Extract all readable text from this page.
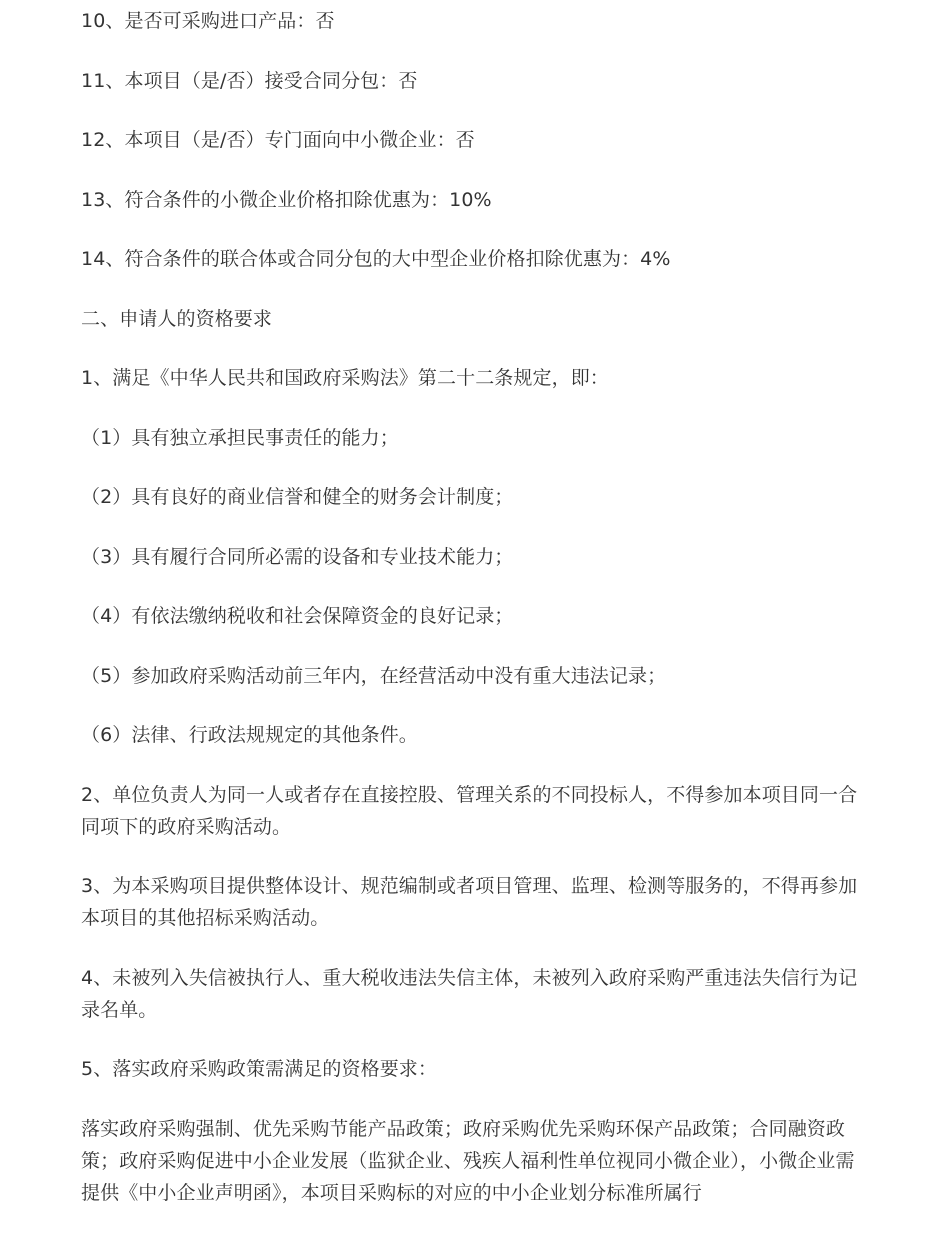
10、是否可采购进口产品：否

11、本项目（是/否）接受合同分包：否

12、本项目（是/否）专门面向中小微企业：否

13、符合条件的小微企业价格扣除优惠为：10%

14、符合条件的联合体或合同分包的大中型企业价格扣除优惠为：4%

二、申请人的资格要求

1、满足《中华人民共和国政府采购法》第二十二条规定，即：

（1）具有独立承担民事责任的能力；

（2）具有良好的商业信誉和健全的财务会计制度；

（3）具有履行合同所必需的设备和专业技术能力；

（4）有依法缴纳税收和社会保障资金的良好记录；

（5）参加政府采购活动前三年内，在经营活动中没有重大违法记录；

（6）法律、行政法规规定的其他条件。

2、单位负责人为同一人或者存在直接控股、管理关系的不同投标人，不得参加本项目同一合同项下的政府采购活动。

3、为本采购项目提供整体设计、规范编制或者项目管理、监理、检测等服务的，不得再参加本项目的其他招标采购活动。

4、未被列入失信被执行人、重大税收违法失信主体，未被列入政府采购严重违法失信行为记录名单。

5、落实政府采购政策需满足的资格要求：

落实政府采购强制、优先采购节能产品政策；政府采购优先采购环保产品政策；合同融资政策；政府采购促进中小企业发展（监狱企业、残疾人福利性单位视同小微企业），小微企业需提供《中小企业声明函》，本项目采购标的对应的中小企业划分标准所属行
